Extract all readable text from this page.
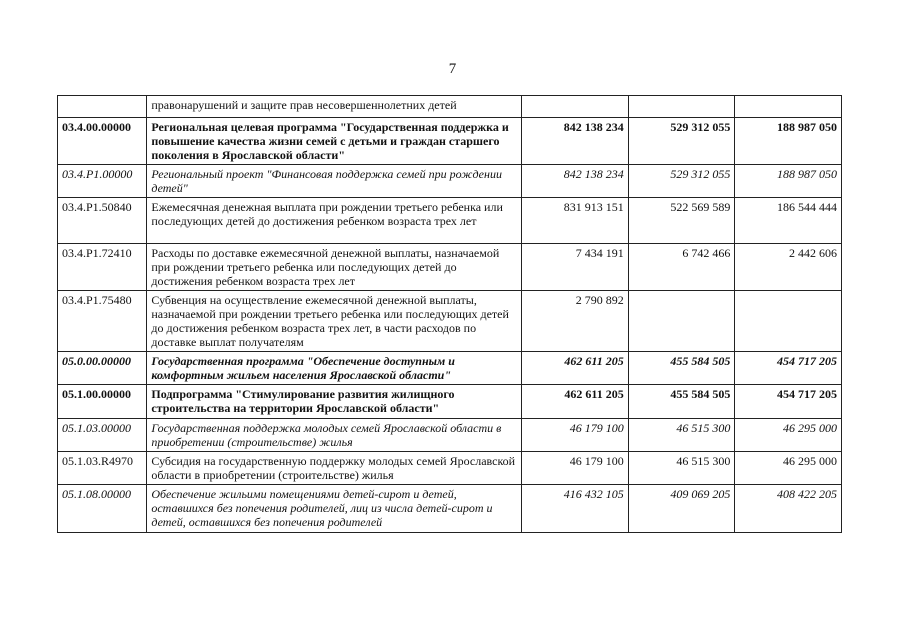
7
	правонарушений и защите прав несовершеннолетних детей			
03.4.00.00000	Региональная целевая программа "Государственная поддержка и повышение качества жизни семей с детьми и граждан старшего поколения в Ярославской области"	842 138 234	529 312 055	188 987 050
03.4.P1.00000	Региональный проект "Финансовая поддержка семей при рождении детей"	842 138 234	529 312 055	188 987 050
03.4.P1.50840	Ежемесячная денежная выплата при рождении третьего ребенка или последующих детей до достижения ребенком возраста трех лет	831 913 151	522 569 589	186 544 444
03.4.P1.72410	Расходы по доставке ежемесячной денежной выплаты, назначаемой при рождении третьего ребенка или последующих детей до достижения ребенком возраста трех лет	7 434 191	6 742 466	2 442 606
03.4.P1.75480	Субвенция на осуществление ежемесячной денежной выплаты, назначаемой при рождении третьего ребенка или последующих детей до достижения ребенком возраста трех лет, в части расходов по доставке выплат получателям	2 790 892		
05.0.00.00000	Государственная программа "Обеспечение доступным и комфортным жильем населения Ярославской области"	462 611 205	455 584 505	454 717 205
05.1.00.00000	Подпрограмма "Стимулирование развития жилищного строительства на территории Ярославской области"	462 611 205	455 584 505	454 717 205
05.1.03.00000	Государственная поддержка молодых семей Ярославской области в приобретении (строительстве) жилья	46 179 100	46 515 300	46 295 000
05.1.03.R4970	Субсидия на государственную поддержку молодых семей Ярославской области в приобретении (строительстве) жилья	46 179 100	46 515 300	46 295 000
05.1.08.00000	Обеспечение жильими помещениями детей-сирот и детей, оставшихся без попечения родителей, лиц из числа детей-сирот и детей, оставшихся без попечения родителей	416 432 105	409 069 205	408 422 205
